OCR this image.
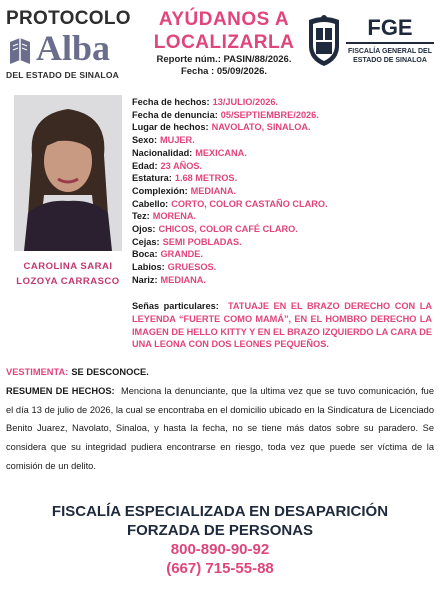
PROTOCOLO
Alba
DEL ESTADO DE SINALOA
AYÚDANOS A
LOCALIZARLA
Reporte núm.: PASIN/88/2026.
Fecha : 05/09/2026.
FGE
FISCALÍA GENERAL DEL
ESTADO DE SINALOA
CAROLINA SARAI
LOZOYA CARRASCO
Fecha de hechos: 13/JULIO/2026.
Fecha de denuncia: 05/SEPTIEMBRE/2026.
Lugar de hechos: NAVOLATO, SINALOA.
Sexo: MUJER.
Nacionalidad: MEXICANA.
Edad: 23 AÑOS.
Estatura: 1.68 METROS.
Complexión: MEDIANA.
Cabello: CORTO, COLOR CASTAÑO CLARO.
Tez: MORENA.
Ojos: CHICOS, COLOR CAFÉ CLARO.
Cejas: SEMI POBLADAS.
Boca: GRANDE.
Labios: GRUESOS.
Nariz: MEDIANA.
Señas particulares: TATUAJE EN EL BRAZO DERECHO CON LA LEYENDA “FUERTE COMO MAMÁ”, EN EL HOMBRO DERECHO LA IMAGEN DE HELLO KITTY Y EN EL BRAZO IZQUIERDO LA CARA DE UNA LEONA CON DOS LEONES PEQUEÑOS.
VESTIMENTA: SE DESCONOCE.
RESUMEN DE HECHOS: Menciona la denunciante, que la ultima vez que se tuvo comunicación, fue el día 13 de julio de 2026, la cual se encontraba en el domicilio ubicado en la Sindicatura de Licenciado Benito Juarez, Navolato, Sinaloa, y hasta la fecha, no se tiene más datos sobre su paradero. Se considera que su integridad pudiera encontrarse en riesgo, toda vez que puede ser víctima de la comisión de un delito.
FISCALÍA ESPECIALIZADA EN DESAPARICIÓN
FORZADA DE PERSONAS
800-890-90-92
(667) 715-55-88
